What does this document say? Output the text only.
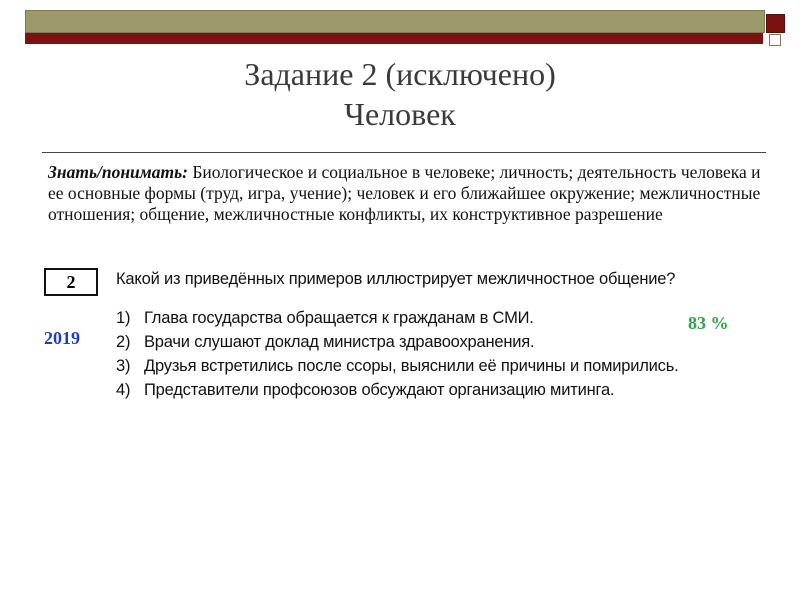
Задание 2 (исключено)
Человек
Знать/понимать: Биологическое и социальное в человеке; личность; деятельность человека и ее основные формы (труд, игра, учение); человек и его ближайшее окружение; межличностные отношения; общение, межличностные конфликты, их конструктивное разрешение
2
2019
Какой из приведённых примеров иллюстрирует межличностное общение?
1) Глава государства обращается к гражданам в СМИ.
2) Врачи слушают доклад министра здравоохранения.
3) Друзья встретились после ссоры, выяснили её причины и помирились.
4) Представители профсоюзов обсуждают организацию митинга.
83 %
